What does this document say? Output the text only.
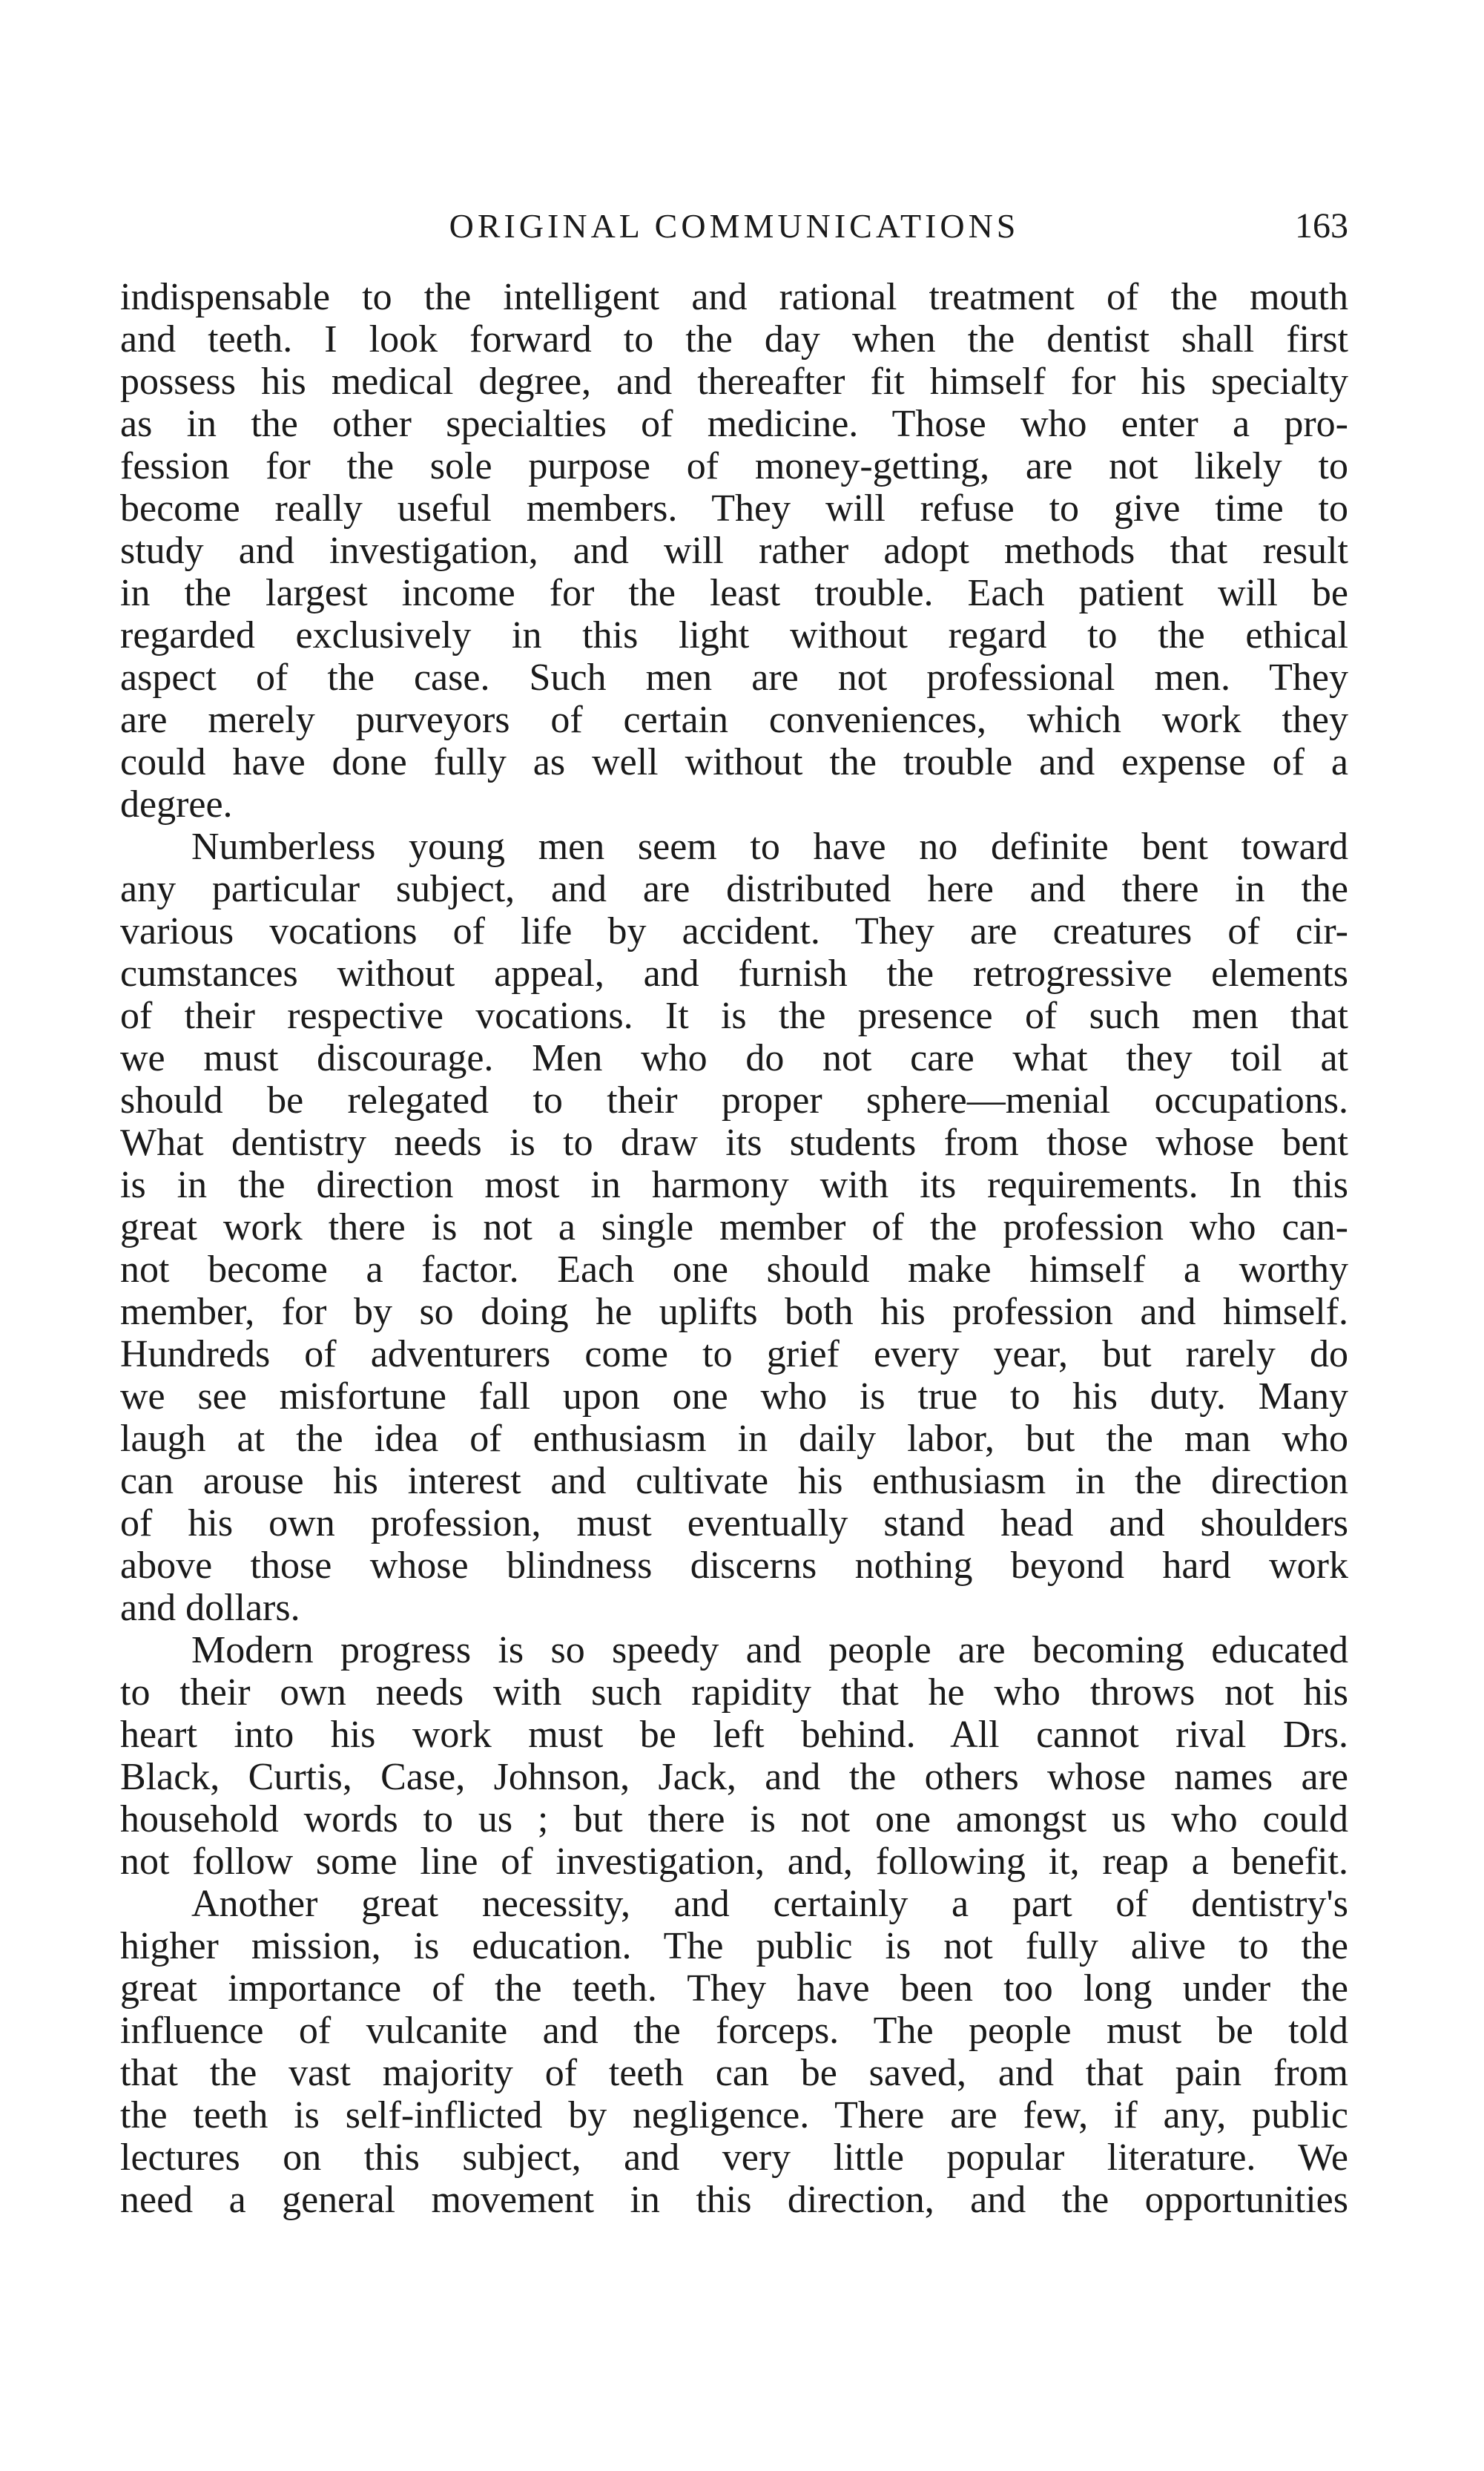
ORIGINAL COMMUNICATIONS	163
indispensable to the intelligent and rational treatment of the mouth
and teeth. I look forward to the day when the dentist shall first
possess his medical degree, and thereafter fit himself for his specialty
as in the other specialties of medicine. Those who enter a pro-
fession for the sole purpose of money-getting, are not likely to
become really useful members. They will refuse to give time to
study and investigation, and will rather adopt methods that result
in the largest income for the least trouble. Each patient will be
regarded exclusively in this light without regard to the ethical
aspect of the case. Such men are not professional men. They
are merely purveyors of certain conveniences, which work they
could have done fully as well without the trouble and expense of a
degree.
Numberless young men seem to have no definite bent toward
any particular subject, and are distributed here and there in the
various vocations of life by accident. They are creatures of cir-
cumstances without appeal, and furnish the retrogressive elements
of their respective vocations. It is the presence of such men that
we must discourage. Men who do not care what they toil at
should be relegated to their proper sphere—menial occupations.
What dentistry needs is to draw its students from those whose bent
is in the direction most in harmony with its requirements. In this
great work there is not a single member of the profession who can-
not become a factor. Each one should make himself a worthy
member, for by so doing he uplifts both his profession and himself.
Hundreds of adventurers come to grief every year, but rarely do
we see misfortune fall upon one who is true to his duty. Many
laugh at the idea of enthusiasm in daily labor, but the man who
can arouse his interest and cultivate his enthusiasm in the direction
of his own profession, must eventually stand head and shoulders
above those whose blindness discerns nothing beyond hard work
and dollars.
Modern progress is so speedy and people are becoming educated
to their own needs with such rapidity that he who throws not his
heart into his work must be left behind. All cannot rival Drs.
Black, Curtis, Case, Johnson, Jack, and the others whose names are
household words to us ; but there is not one amongst us who could
not follow some line of investigation, and, following it, reap a benefit.
Another great necessity, and certainly a part of dentistry's
higher mission, is education. The public is not fully alive to the
great importance of the teeth. They have been too long under the
influence of vulcanite and the forceps. The people must be told
that the vast majority of teeth can be saved, and that pain from
the teeth is self-inflicted by negligence. There are few, if any, public
lectures on this subject, and very little popular literature. We
need a general movement in this direction, and the opportunities
